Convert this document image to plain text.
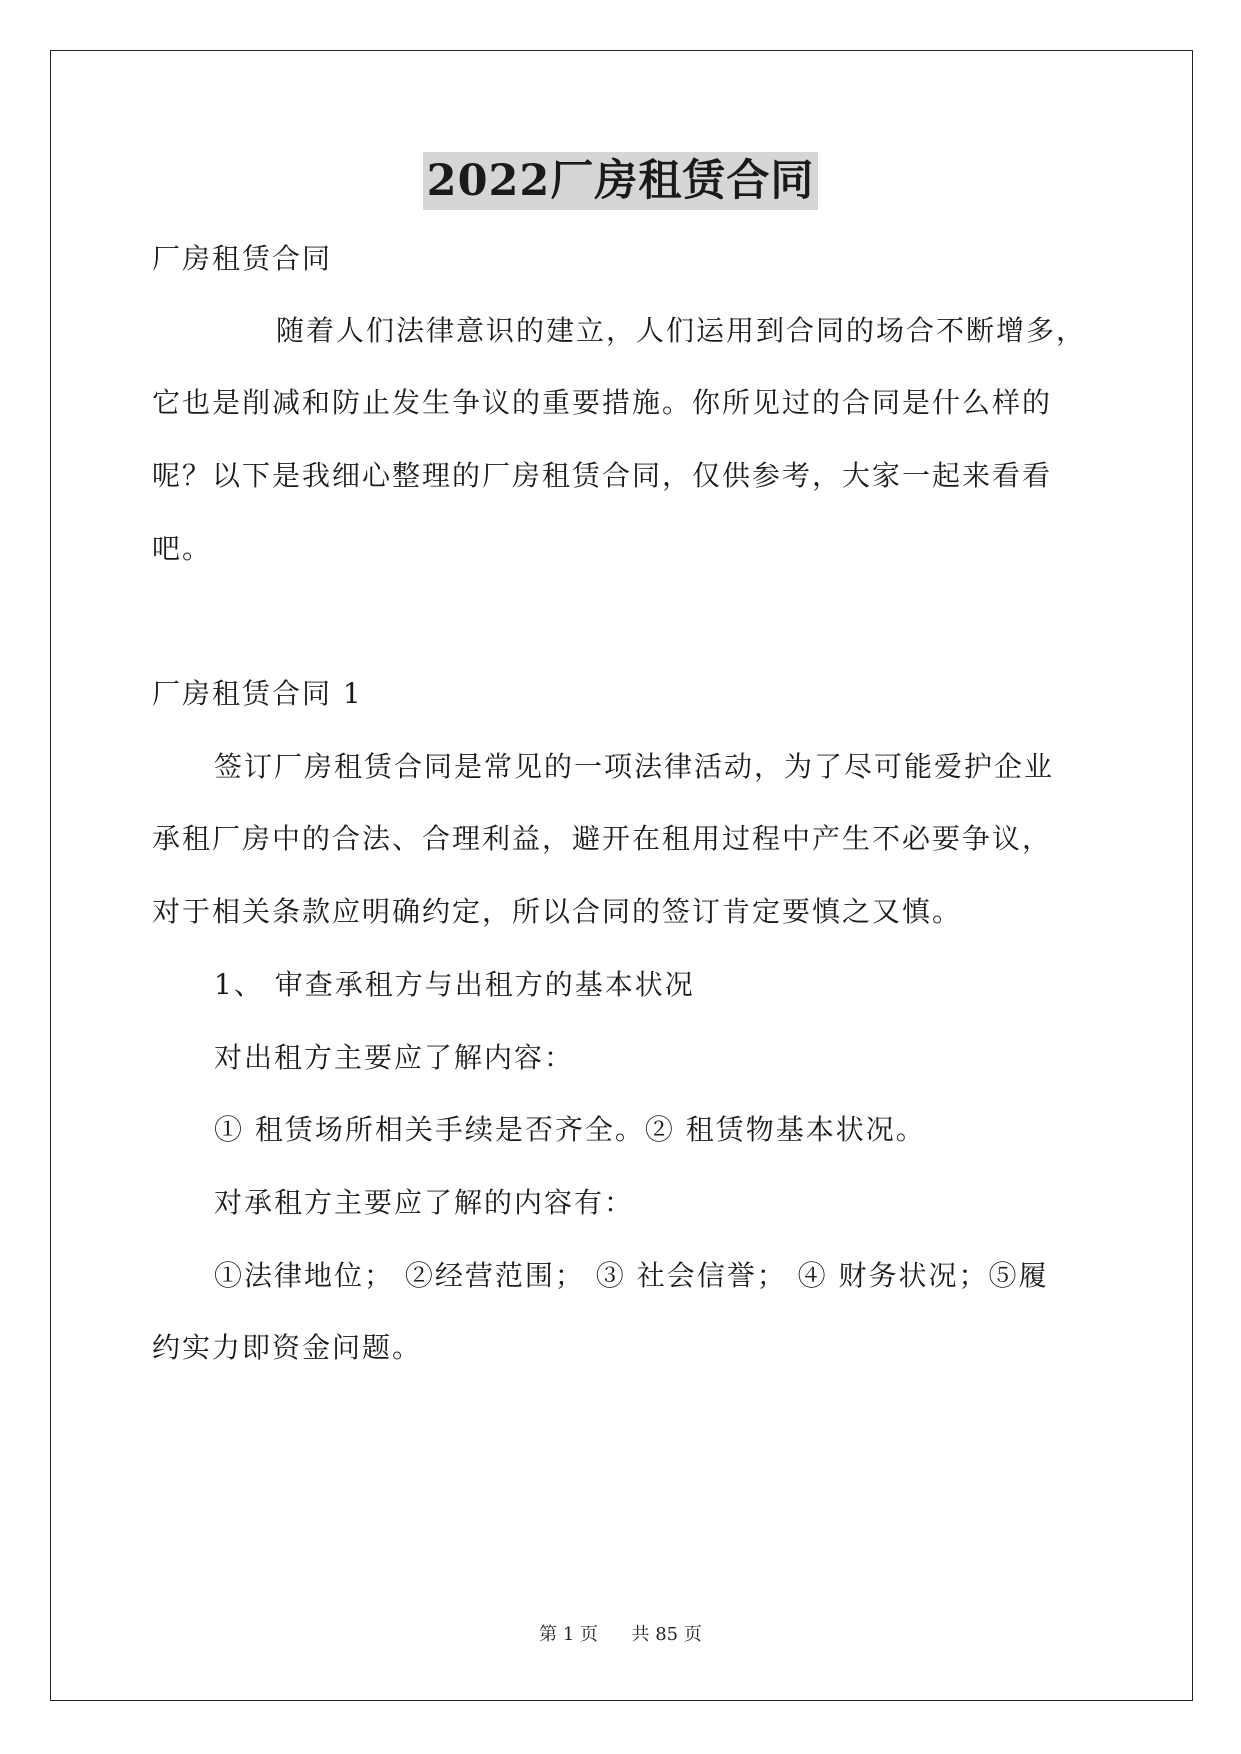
2022厂房租赁合同
厂房租赁合同
随着人们法律意识的建立，人们运用到合同的场合不断增多，
它也是削减和防止发生争议的重要措施。你所见过的合同是什么样的
呢？以下是我细心整理的厂房租赁合同，仅供参考，大家一起来看看
吧。
厂房租赁合同 1
签订厂房租赁合同是常见的一项法律活动，为了尽可能爱护企业
承租厂房中的合法、合理利益，避开在租用过程中产生不必要争议，
对于相关条款应明确约定，所以合同的签订肯定要慎之又慎。
1、 审查承租方与出租方的基本状况
对出租方主要应了解内容：
① 租赁场所相关手续是否齐全。② 租赁物基本状况。
对承租方主要应了解的内容有：
①法律地位； ②经营范围； ③ 社会信誉； ④ 财务状况；⑤履
约实力即资金问题。
第 1 页 共 85 页
